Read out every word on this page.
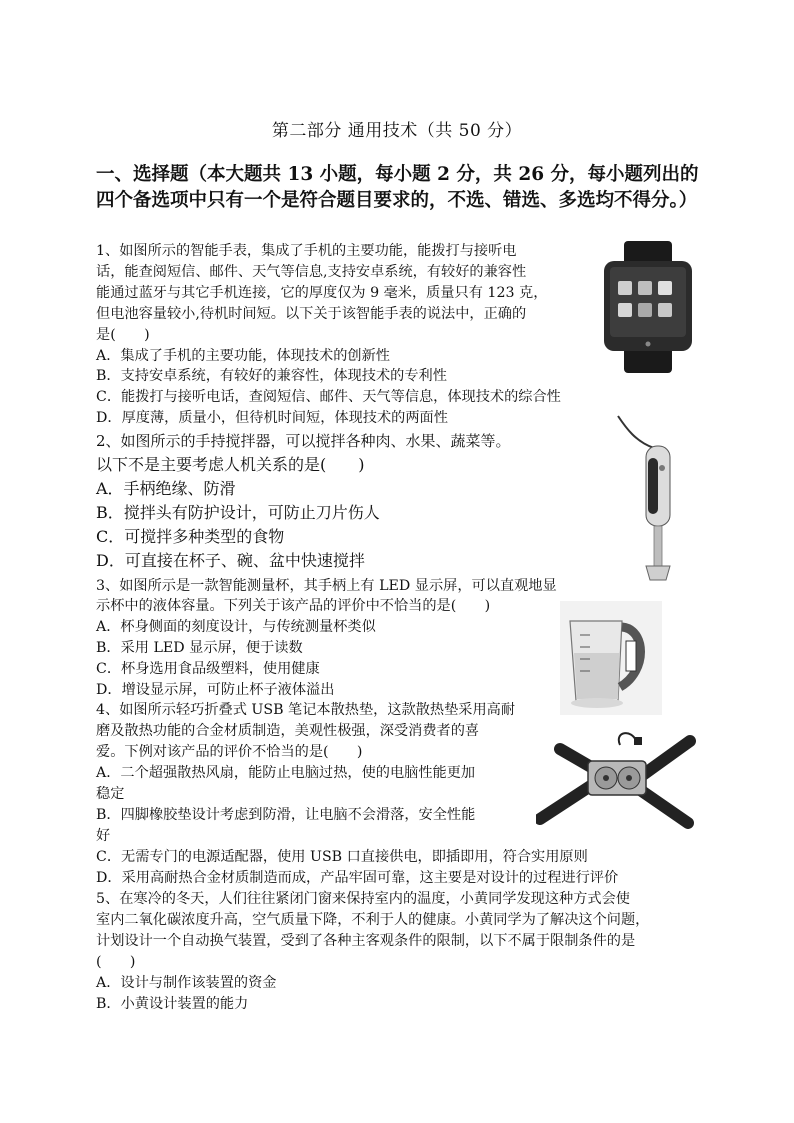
第二部分 通用技术（共 50 分）
一、选择题（本大题共 13 小题，每小题 2 分，共 26 分，每小题列出的四个备选项中只有一个是符合题目要求的，不选、错选、多选均不得分。）
1、如图所示的智能手表，集成了手机的主要功能，能拨打与接听电
话，能查阅短信、邮件、天气等信息,支持安卓系统，有较好的兼容性
能通过蓝牙与其它手机连接，它的厚度仅为 9 毫米，质量只有 123 克，
但电池容量较小,待机时间短。以下关于该智能手表的说法中，正确的
是(　　)
A．集成了手机的主要功能，体现技术的创新性
B．支持安卓系统，有较好的兼容性，体现技术的专利性
C．能拨打与接听电话，查阅短信、邮件、天气等信息，体现技术的综合性
D．厚度薄，质量小，但待机时间短，体现技术的两面性
2、如图所示的手持搅拌器，可以搅拌各种肉、水果、蔬菜等。
以下不是主要考虑人机关系的是(　　)
A．手柄绝缘、防滑
B．搅拌头有防护设计，可防止刀片伤人
C．可搅拌多种类型的食物
D．可直接在杯子、碗、盆中快速搅拌
3、如图所示是一款智能测量杯，其手柄上有 LED 显示屏，可以直观地显
示杯中的液体容量。下列关于该产品的评价中不恰当的是(　　)
A．杯身侧面的刻度设计，与传统测量杯类似
B．采用 LED 显示屏，便于读数
C．杯身选用食品级塑料，使用健康
D．增设显示屏，可防止杯子液体溢出
4、如图所示轻巧折叠式 USB 笔记本散热垫，这款散热垫采用高耐
磨及散热功能的合金材质制造，美观性极强，深受消费者的喜
爱。下例对该产品的评价不恰当的是(　　)
A．二个超强散热风扇，能防止电脑过热，使的电脑性能更加
稳定
B．四脚橡胶垫设计考虑到防滑，让电脑不会滑落，安全性能
好
C．无需专门的电源适配器，使用 USB 口直接供电，即插即用，符合实用原则
D．采用高耐热合金材质制造而成，产品牢固可靠，这主要是对设计的过程进行评价
5、在寒冷的冬天，人们往往紧闭门窗来保持室内的温度，小黄同学发现这种方式会使
室内二氧化碳浓度升高，空气质量下降，不利于人的健康。小黄同学为了解决这个问题，
计划设计一个自动换气装置，受到了各种主客观条件的限制，以下不属于限制条件的是
(　　)
A．设计与制作该装置的资金
B．小黄设计装置的能力
